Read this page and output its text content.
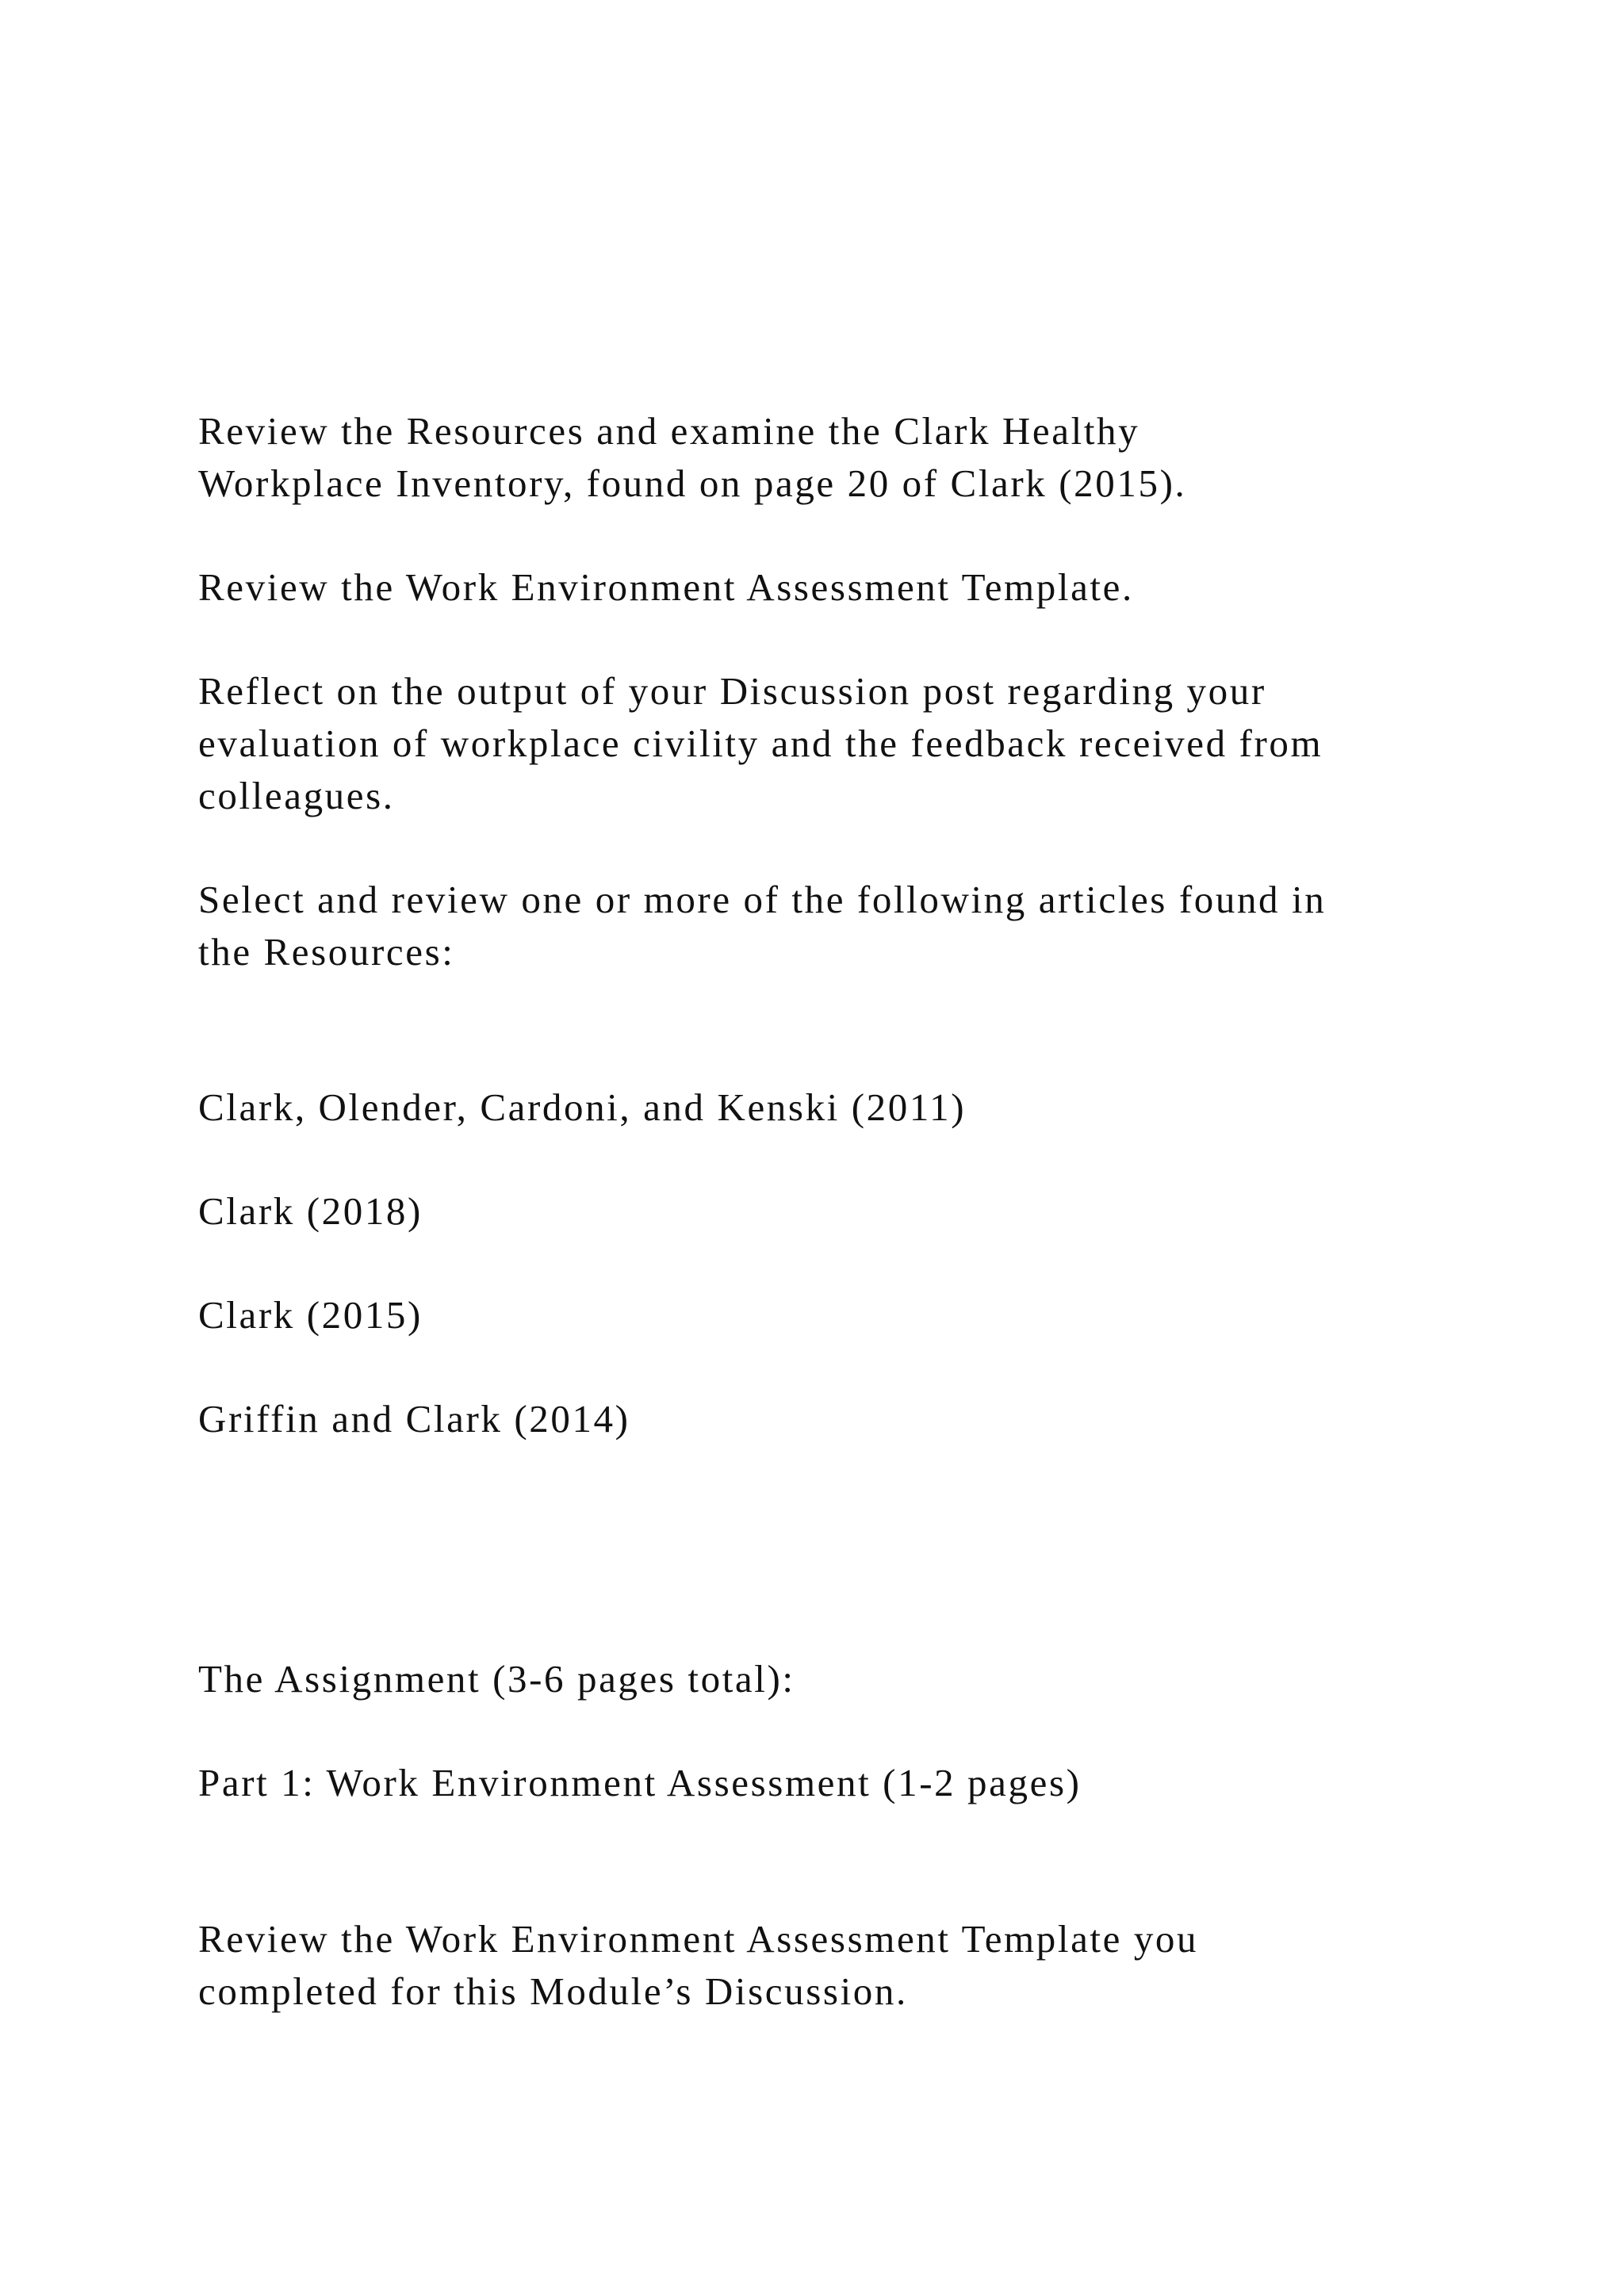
Review the Resources and examine the Clark Healthy

Workplace Inventory, found on page 20 of Clark (2015).

Review the Work Environment Assessment Template.

Reflect on the output of your Discussion post regarding your

evaluation of workplace civility and the feedback received from

colleagues.

Select and review one or more of the following articles found in

the Resources:

Clark, Olender, Cardoni, and Kenski (2011)

Clark (2018)

Clark (2015)

Griffin and Clark (2014)

The Assignment (3-6 pages total):

Part 1: Work Environment Assessment (1-2 pages)

Review the Work Environment Assessment Template you

completed for this Module’s Discussion.
